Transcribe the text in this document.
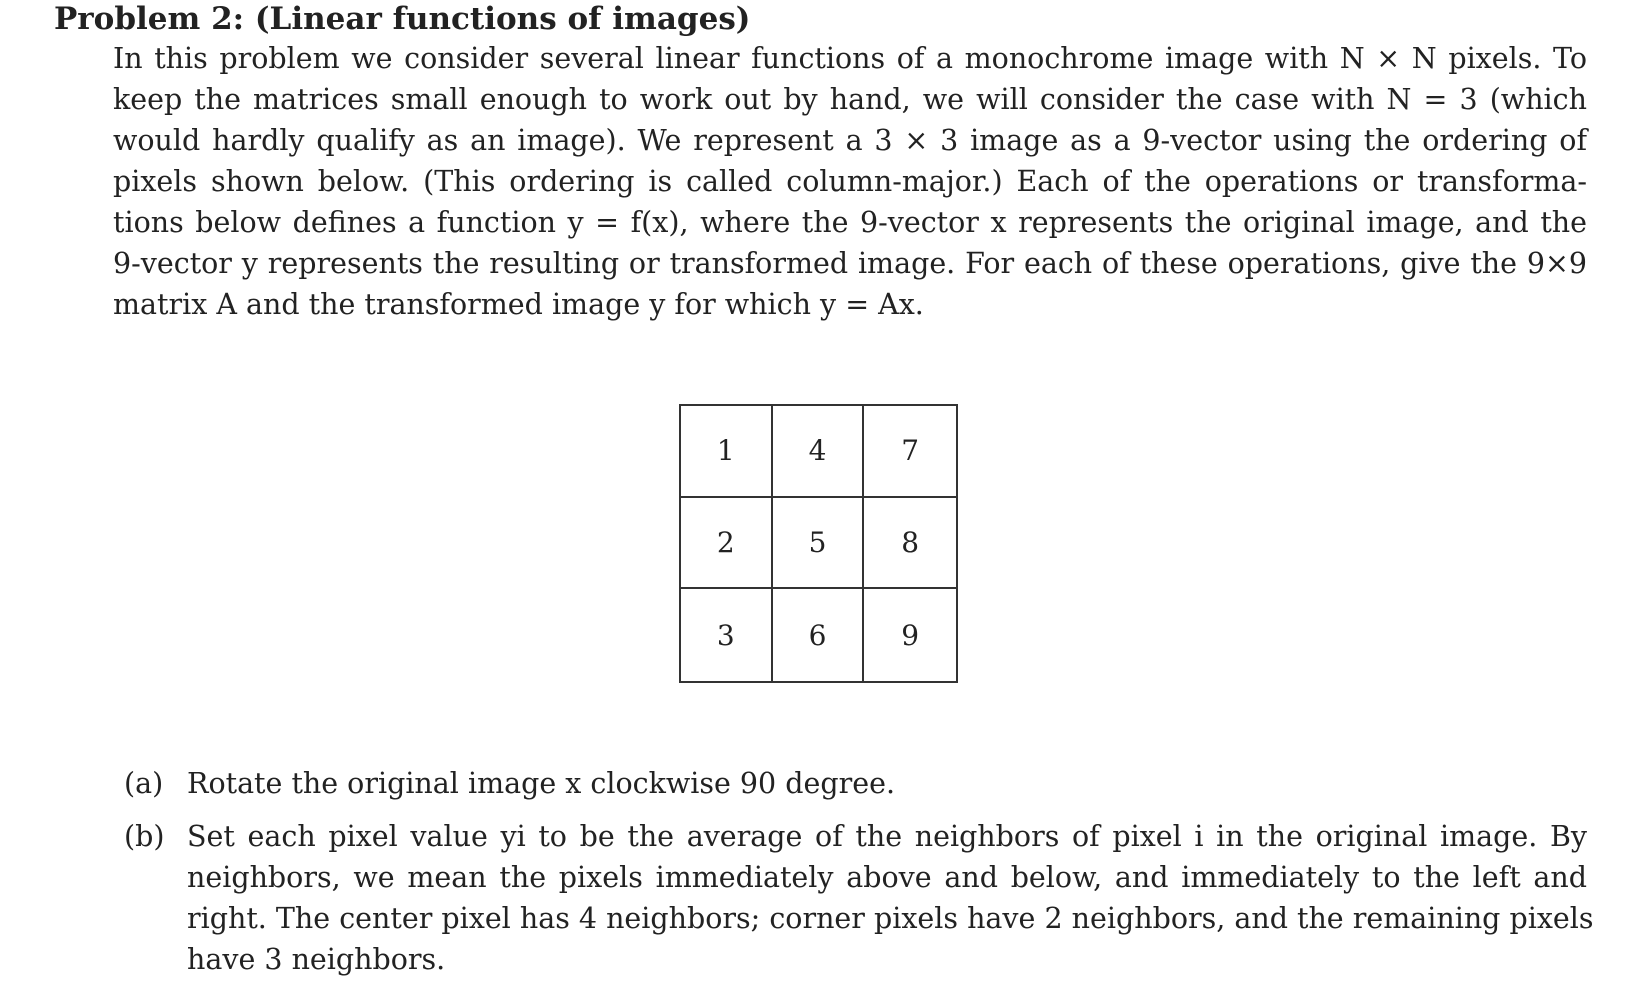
Problem 2: (Linear functions of images)
In this problem we consider several linear functions of a monochrome image with N × N pixels. To
keep the matrices small enough to work out by hand, we will consider the case with N = 3 (which
would hardly qualify as an image). We represent a 3 × 3 image as a 9-vector using the ordering of
pixels shown below. (This ordering is called column-major.) Each of the operations or transforma-
tions below defines a function y = f(x), where the 9-vector x represents the original image, and the
9-vector y represents the resulting or transformed image. For each of these operations, give the 9×9
matrix A and the transformed image y for which y = Ax.
1	4	7
2	5	8
3	6	9
(a) Rotate the original image x clockwise 90 degree.
(b) Set each pixel value yi to be the average of the neighbors of pixel i in the original image. By
neighbors, we mean the pixels immediately above and below, and immediately to the left and
right. The center pixel has 4 neighbors; corner pixels have 2 neighbors, and the remaining pixels
have 3 neighbors.
